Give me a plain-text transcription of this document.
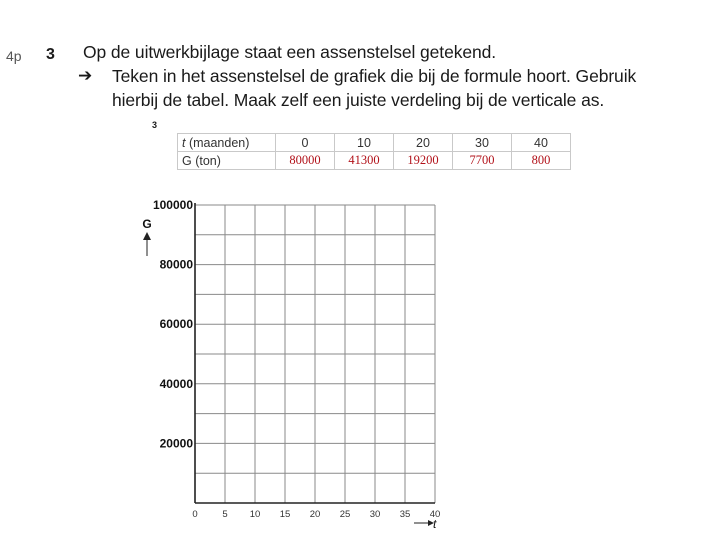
4p 3 Op de uitwerkbijlage staat een assenstelsel getekend.
➔ Teken in het assenstelsel de grafiek die bij de formule hoort. Gebruik
hierbij de tabel. Maak zelf een juiste verdeling bij de verticale as.
3
t (maanden)	0	10	20	30	40
G (ton)	80000	41300	19200	7700	800
20000
40000
60000
80000
100000
0	5 10 15 20 25 30 35 40
G
t
